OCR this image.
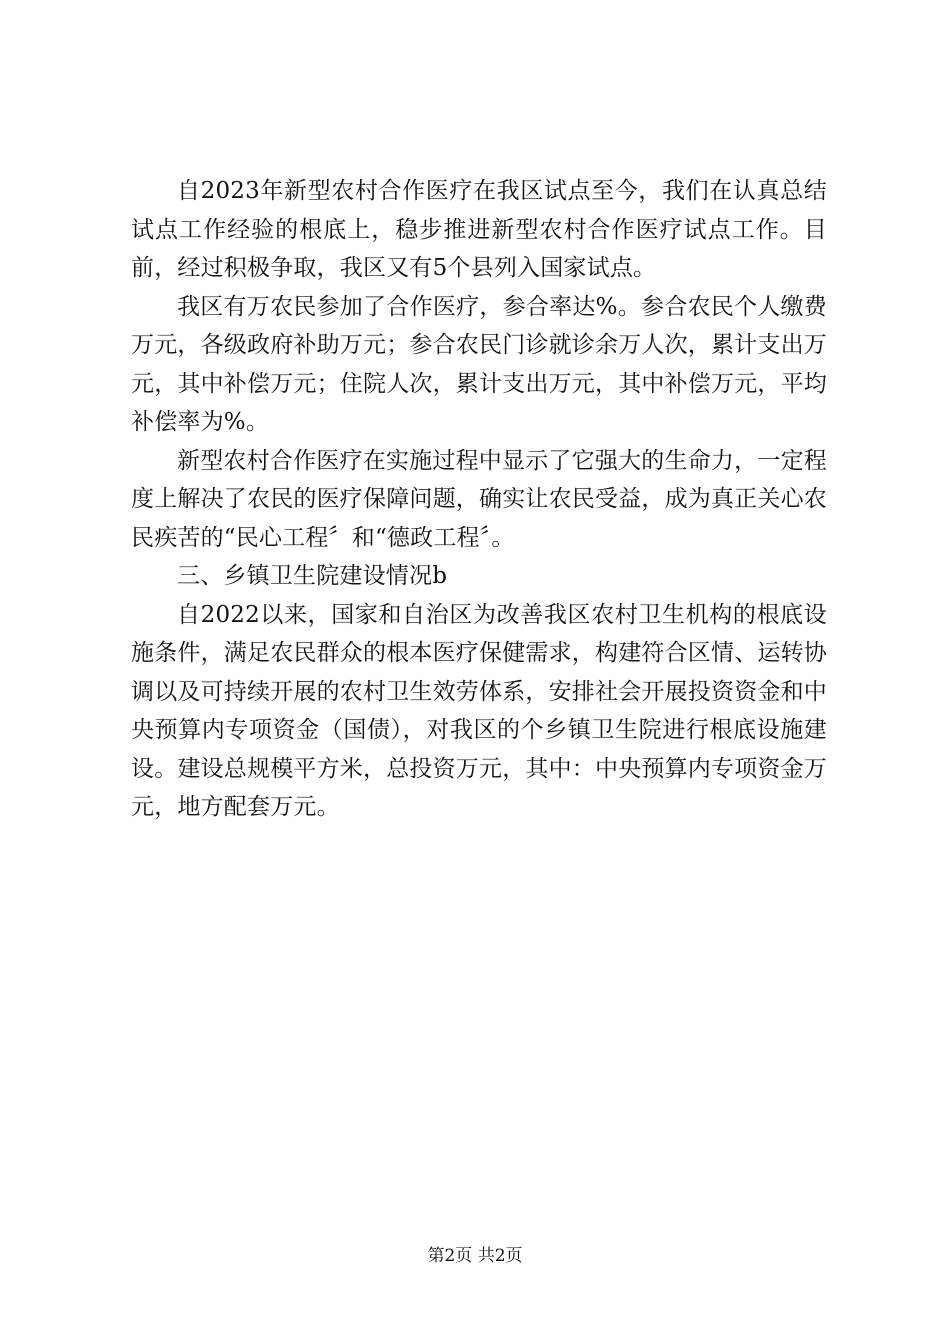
自2023年新型农村合作医疗在我区试点至今，我们在认真总结试点工作经验的根底上，稳步推进新型农村合作医疗试点工作。目前，经过积极争取，我区又有5个县列入国家试点。

我区有万农民参加了合作医疗，参合率达%。参合农民个人缴费万元，各级政府补助万元；参合农民门诊就诊余万人次，累计支出万元，其中补偿万元；住院人次，累计支出万元，其中补偿万元，平均补偿率为%。

新型农村合作医疗在实施过程中显示了它强大的生命力，一定程度上解决了农民的医疗保障问题，确实让农民受益，成为真正关心农民疾苦的“民心工程〞和“德政工程〞。

三、乡镇卫生院建设情况b

自2022以来，国家和自治区为改善我区农村卫生机构的根底设施条件，满足农民群众的根本医疗保健需求，构建符合区情、运转协调以及可持续开展的农村卫生效劳体系，安排社会开展投资资金和中央预算内专项资金（国债），对我区的个乡镇卫生院进行根底设施建设。建设总规模平方米，总投资万元，其中：中央预算内专项资金万元，地方配套万元。

第2页 共2页
